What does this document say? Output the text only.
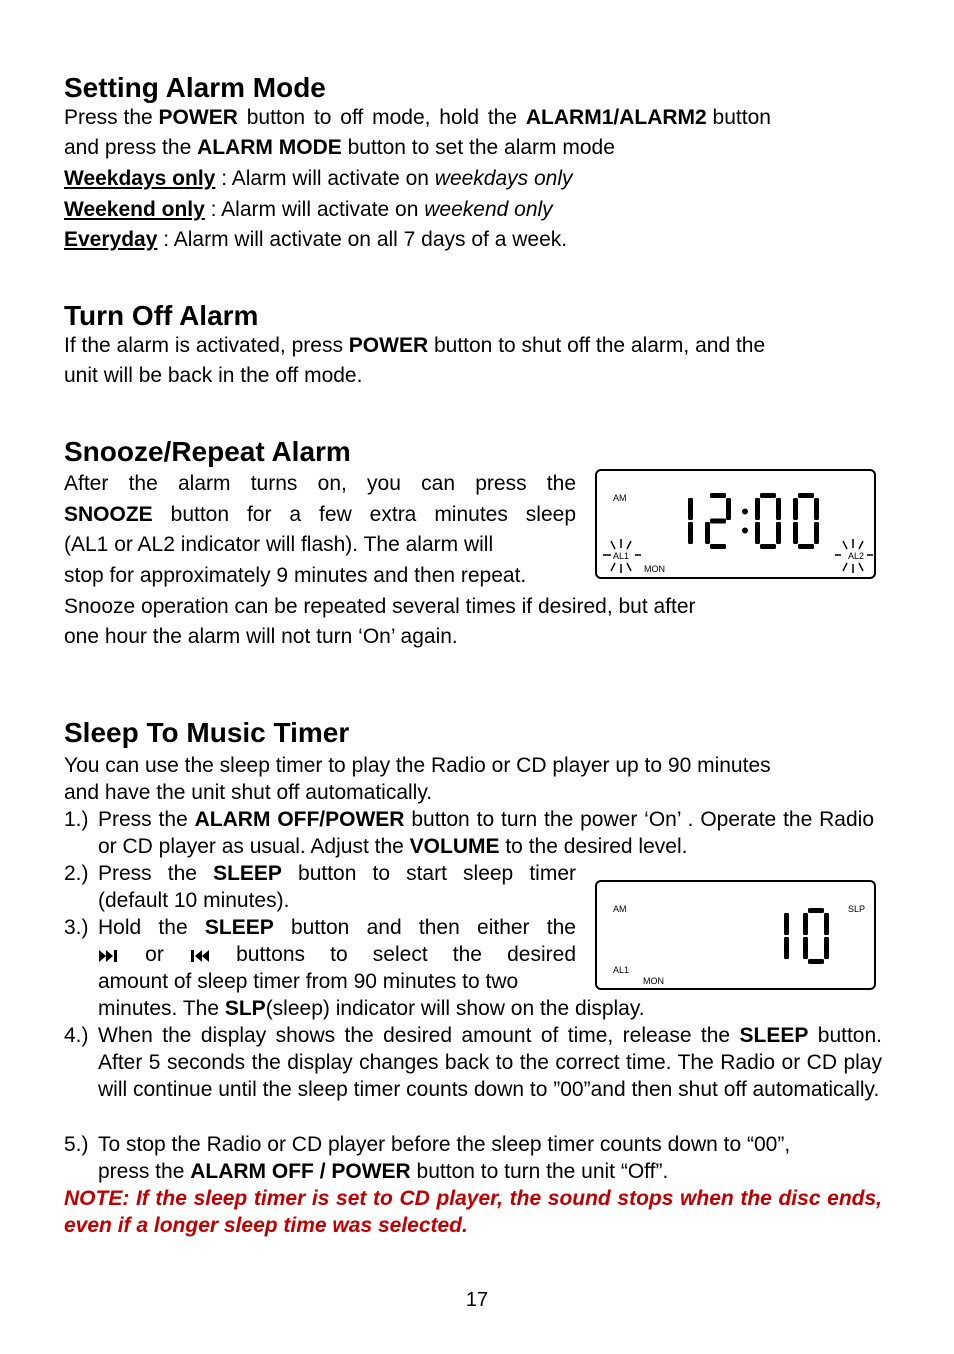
Setting Alarm Mode
Press the POWER button to off mode, hold the ALARM1/ALARM2 button
and press the ALARM MODE button to set the alarm mode
Weekdays only : Alarm will activate on weekdays only
Weekend only : Alarm will activate on weekend only
Everyday : Alarm will activate on all 7 days of a week.
Turn Off Alarm
If the alarm is activated, press POWER button to shut off the alarm, and the
unit will be back in the off mode.
Snooze/Repeat Alarm
After the alarm turns on, you can press the
SNOOZE button for a few extra minutes sleep
(AL1 or AL2 indicator will flash). The alarm will
stop for approximately 9 minutes and then repeat.
Snooze operation can be repeated several times if desired, but after
one hour the alarm will not turn ‘On’ again.
Sleep To Music Timer
You can use the sleep timer to play the Radio or CD player up to 90 minutes
and have the unit shut off automatically.
1.) Press the ALARM OFF/POWER button to turn the power ‘On’ . Operate the Radio or CD player as usual. Adjust the VOLUME to the desired level.
2.) Press the SLEEP button to start sleep timer (default 10 minutes).
3.) Hold the SLEEP button and then either the
or  buttons to select the desired
amount of sleep timer from 90 minutes to two
minutes. The SLP(sleep) indicator will show on the display.
4.) When the display shows the desired amount of time, release the SLEEP button. After 5 seconds the display changes back to the correct time. The Radio or CD play will continue until the sleep timer counts down to ”00”and then shut off automatically.
5.) To stop the Radio or CD player before the sleep timer counts down to “00”,
press the ALARM OFF / POWER button to turn the unit “Off”.
NOTE: If the sleep timer is set to CD player, the sound stops when the disc ends, even if a longer sleep time was selected.
AM
AL1	AL2
MON
AM	SLP
AL1
MON
17
